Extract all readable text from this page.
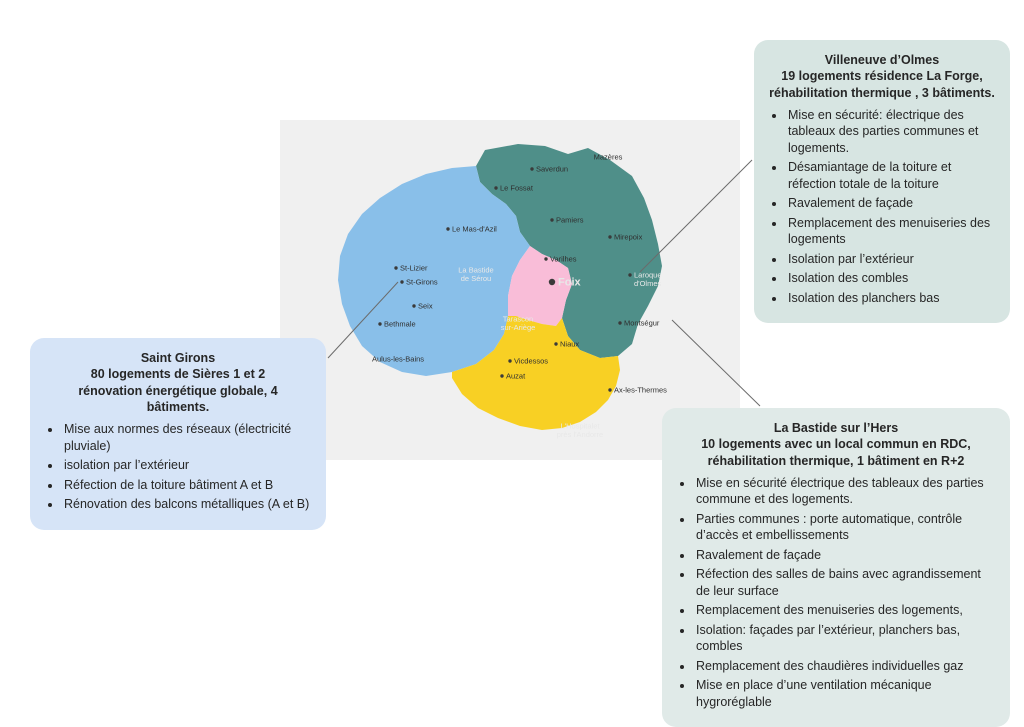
Mazères
Saverdun
Le Fossat
Pamiers
Le Mas-d'Azil
Mirepoix
Varilhes
St-Lizier	La Bastide de Sérou
St-Girons	Foix
Laroque d'Olmes
Seix
Bethmale
Tarascon sur-Ariège	Montségur
Niaux
Vicdessos
Auzat
Aulus-les-Bains
Ax-les-Thermes
L'Hospitalet près l'Andorre
Villeneuve d’Olmes
19 logements résidence La Forge,
réhabilitation thermique , 3 bâtiments.
• Mise en sécurité: électrique des tableaux des parties communes et logements.
• Désamiantage de la toiture et réfection totale de la toiture
• Ravalement de façade
• Remplacement des menuiseries des logements
• Isolation par l’extérieur
• Isolation des combles
• Isolation des planchers bas
Saint Girons
80 logements de Sières 1 et 2
rénovation énergétique globale, 4
bâtiments.
• Mise aux normes des réseaux (électricité pluviale)
• isolation par l’extérieur
• Réfection de la toiture bâtiment A et B
• Rénovation des balcons métalliques (A et B)
La Bastide sur l’Hers
10 logements avec un local commun en RDC,
réhabilitation thermique, 1 bâtiment en R+2
• Mise en sécurité électrique des tableaux des parties commune et des logements.
• Parties communes : porte automatique, contrôle d’accès et embellissements
• Ravalement de façade
• Réfection des salles de bains avec agrandissement de leur surface
• Remplacement des menuiseries des logements,
• Isolation: façades par l’extérieur, planchers bas, combles
• Remplacement des chaudières individuelles gaz
• Mise en place d’une ventilation mécanique hygroréglable
